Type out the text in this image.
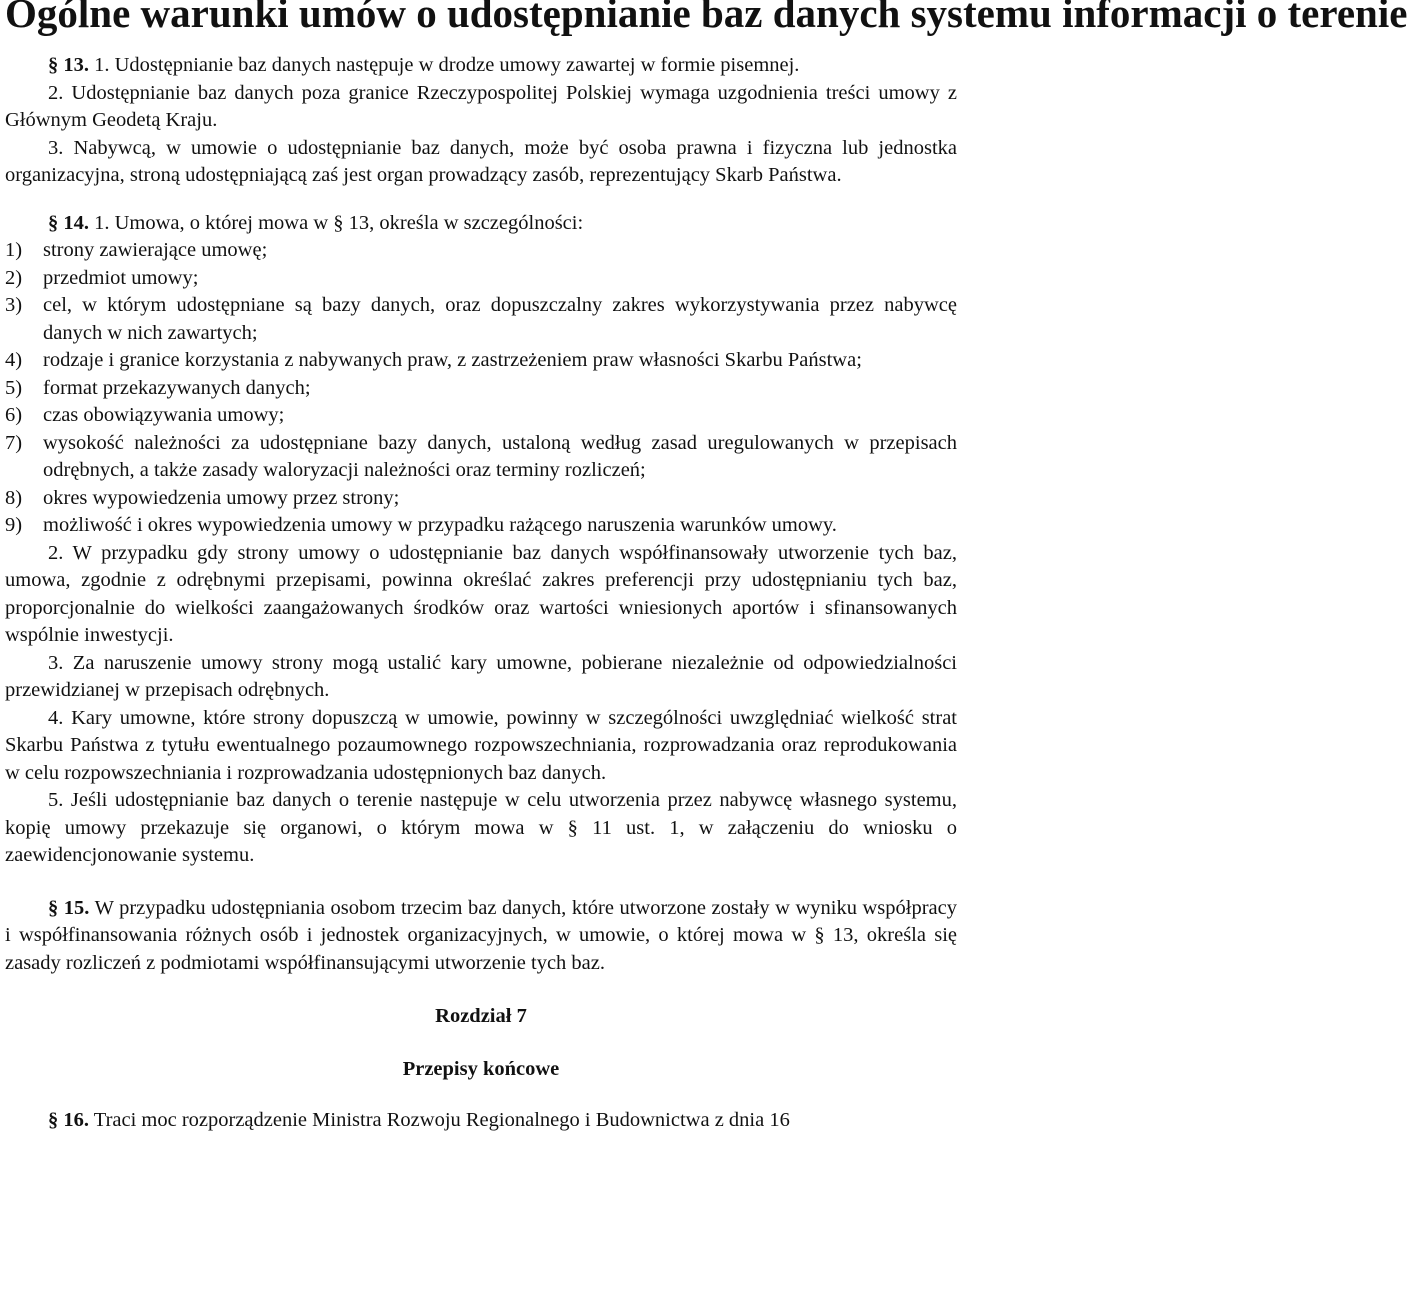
Ogólne warunki umów o udostępnianie baz danych systemu informacji o terenie

§ 13. 1. Udostępnianie baz danych następuje w drodze umowy zawartej w formie pisemnej.

2. Udostępnianie baz danych poza granice Rzeczypospolitej Polskiej wymaga uzgodnienia treści umowy z Głównym Geodetą Kraju.

3. Nabywcą, w umowie o udostępnianie baz danych, może być osoba prawna i fizyczna lub jednostka organizacyjna, stroną udostępniającą zaś jest organ prowadzący zasób, reprezentujący Skarb Państwa.

§ 14. 1. Umowa, o której mowa w § 13, określa w szczególności:

1) strony zawierające umowę;
2) przedmiot umowy;
3) cel, w którym udostępniane są bazy danych, oraz dopuszczalny zakres wykorzystywania przez nabywcę danych w nich zawartych;
4) rodzaje i granice korzystania z nabywanych praw, z zastrzeżeniem praw własności Skarbu Państwa;
5) format przekazywanych danych;
6) czas obowiązywania umowy;
7) wysokość należności za udostępniane bazy danych, ustaloną według zasad uregulowanych w przepisach odrębnych, a także zasady waloryzacji należności oraz terminy rozliczeń;
8) okres wypowiedzenia umowy przez strony;
9) możliwość i okres wypowiedzenia umowy w przypadku rażącego naruszenia warunków umowy.

2. W przypadku gdy strony umowy o udostępnianie baz danych współfinansowały utworzenie tych baz, umowa, zgodnie z odrębnymi przepisami, powinna określać zakres preferencji przy udostępnianiu tych baz, proporcjonalnie do wielkości zaangażowanych środków oraz wartości wniesionych aportów i sfinansowanych wspólnie inwestycji.

3. Za naruszenie umowy strony mogą ustalić kary umowne, pobierane niezależnie od odpowiedzialności przewidzianej w przepisach odrębnych.

4. Kary umowne, które strony dopuszczą w umowie, powinny w szczególności uwzględniać wielkość strat Skarbu Państwa z tytułu ewentualnego pozaumownego rozpowszechniania, rozprowadzania oraz reprodukowania w celu rozpowszechniania i rozprowadzania udostępnionych baz danych.

5. Jeśli udostępnianie baz danych o terenie następuje w celu utworzenia przez nabywcę własnego systemu, kopię umowy przekazuje się organowi, o którym mowa w § 11 ust. 1, w załączeniu do wniosku o zaewidencjonowanie systemu.

§ 15. W przypadku udostępniania osobom trzecim baz danych, które utworzone zostały w wyniku współpracy i współfinansowania różnych osób i jednostek organizacyjnych, w umowie, o której mowa w § 13, określa się zasady rozliczeń z podmiotami współfinansującymi utworzenie tych baz.

Rozdział 7

Przepisy końcowe

§ 16. Traci moc rozporządzenie Ministra Rozwoju Regionalnego i Budownictwa z dnia 16
